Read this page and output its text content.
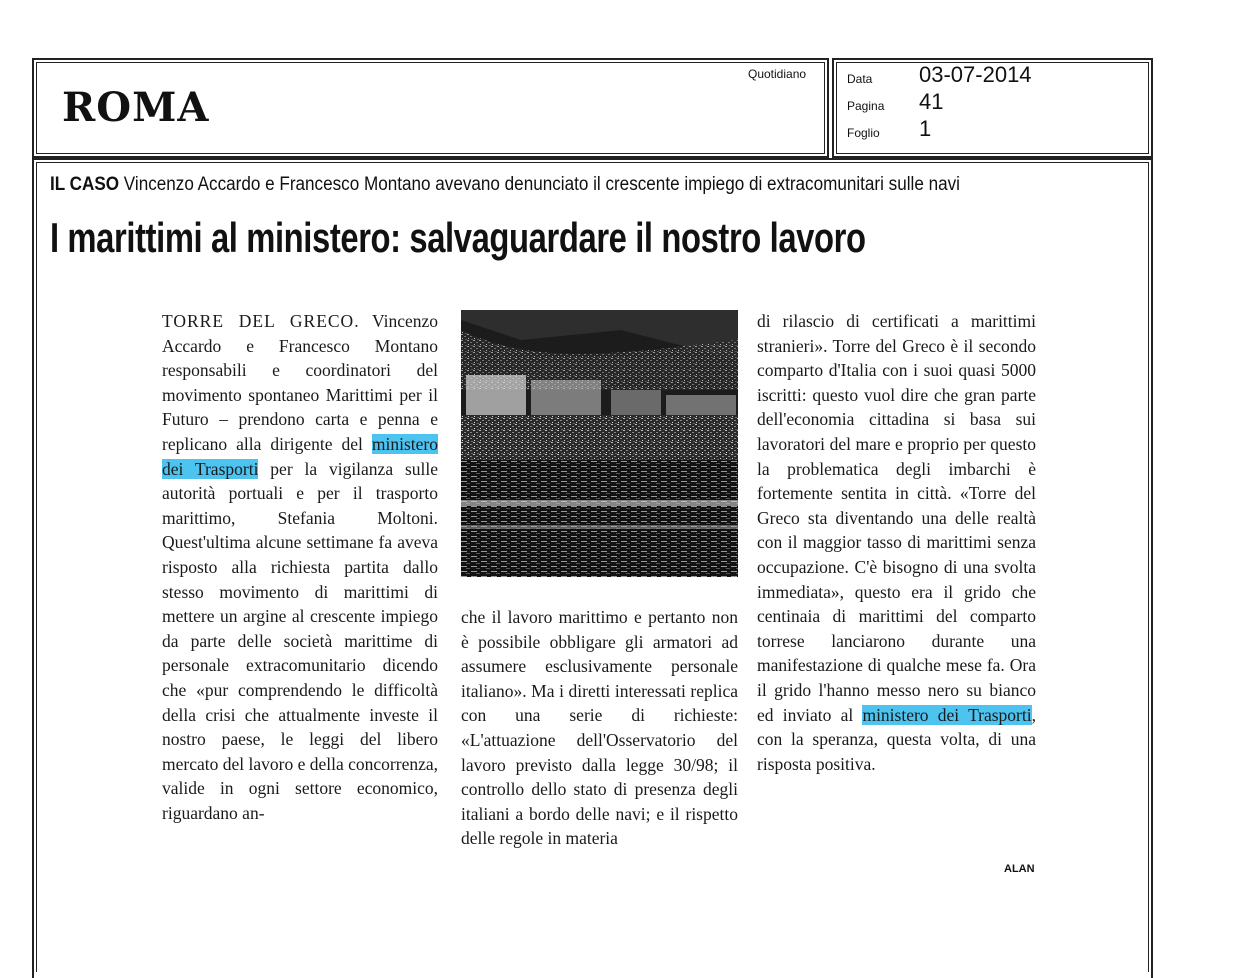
ROMA
Quotidiano	Data 03-07-2014
Pagina 41
Foglio 1
IL CASO Vincenzo Accardo e Francesco Montano avevano denunciato il crescente impiego di extracomunitari sulle navi
I marittimi al ministero: salvaguardare il nostro lavoro

TORRE DEL GRECO. Vincenzo Accardo e Francesco Montano responsabili e coordinatori del movimento spontaneo Marittimi per il Futuro – prendono carta e penna e replicano alla dirigente del ministero dei Trasporti per la vigilanza sulle autorità portuali e per il trasporto marittimo, Stefania Moltoni. Quest'ultima alcune settimane fa aveva risposto alla richiesta partita dallo stesso movimento di marittimi di mettere un argine al crescente impiego da parte delle società marittime di personale extracomunitario dicendo che «pur comprendendo le difficoltà della crisi che attualmente investe il nostro paese, le leggi del libero mercato del lavoro e della concorrenza, valide in ogni settore economico, riguardano an-

che il lavoro marittimo e pertanto non è possibile obbligare gli armatori ad assumere esclusivamente personale italiano». Ma i diretti interessati replica con una serie di richieste: «L'attuazione dell'Osservatorio del lavoro previsto dalla legge 30/98; il controllo dello stato di presenza degli italiani a bordo delle navi; e il rispetto delle regole in materia

di rilascio di certificati a marittimi stranieri». Torre del Greco è il secondo comparto d'Italia con i suoi quasi 5000 iscritti: questo vuol dire che gran parte dell'economia cittadina si basa sui lavoratori del mare e proprio per questo la problematica degli imbarchi è fortemente sentita in città. «Torre del Greco sta diventando una delle realtà con il maggior tasso di marittimi senza occupazione. C'è bisogno di una svolta immediata», questo era il grido che centinaia di marittimi del comparto torrese lanciarono durante una manifestazione di qualche mese fa. Ora il grido l'hanno messo nero su bianco ed inviato al ministero dei Trasporti, con la speranza, questa volta, di una risposta positiva.

ALAN
